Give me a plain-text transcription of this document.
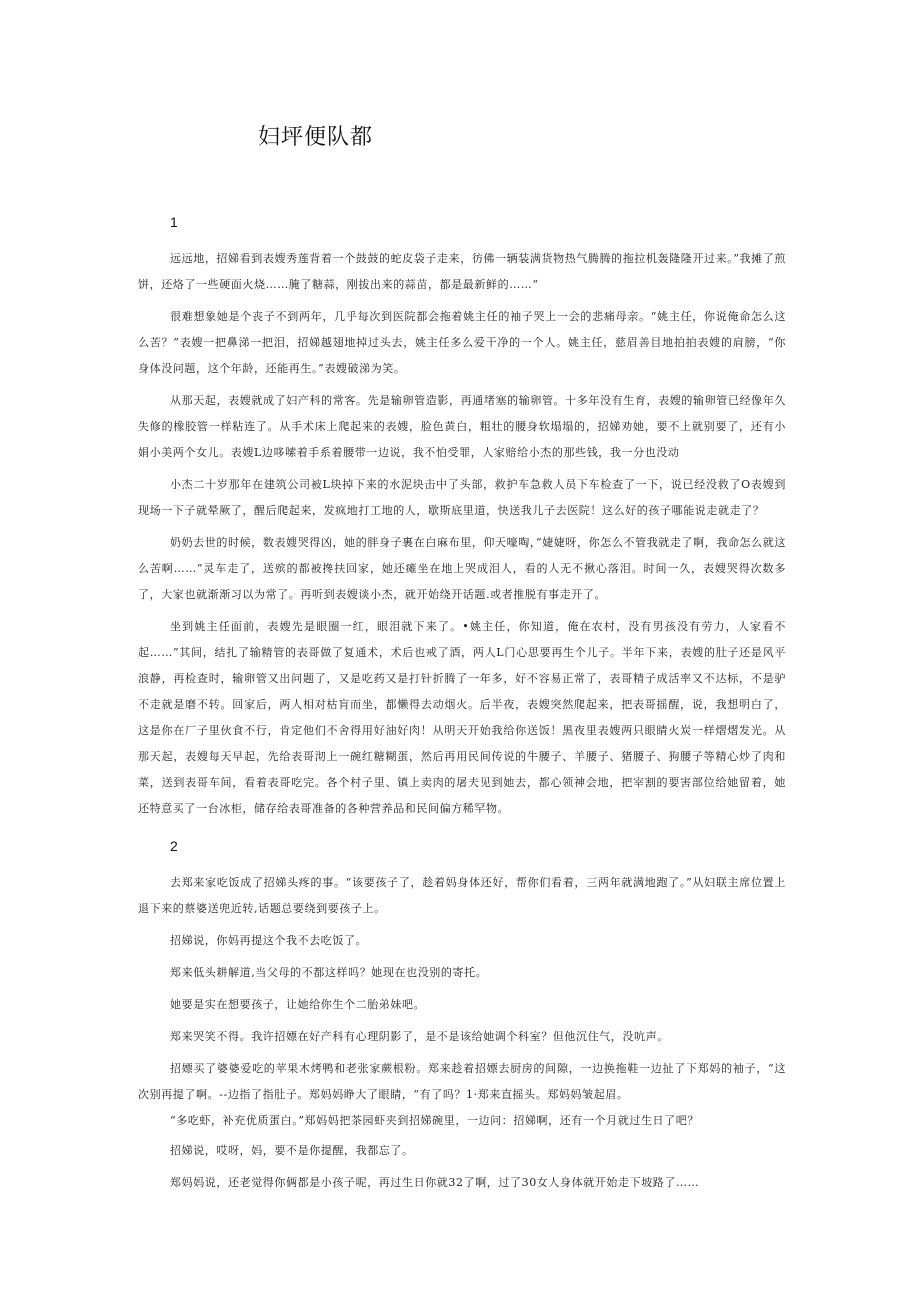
妇坪便队都
1

远远地，招娣看到表嫂秀莲背着一个鼓鼓的蛇皮袋子走来，彷佛一辆装满货物热气腾腾的拖拉机轰隆隆开过来。”我摊了煎饼，还烙了一些硬面火烧……腌了糖蒜，刚拔出来的蒜苗，都是最新鲜的……“

很难想象她是个丧子不到两年，几乎每次到医院都会拖着姚主任的袖子哭上一会的悲痛母亲。“姚主任，你说俺命怎么这么苦？”表嫂一把鼻涕一把泪，招娣越翅地掉过头去，姚主任多么爱干净的一个人。姚主任，慈眉善目地拍拍表嫂的肩膀，“你身体没问题，这个年龄，还能再生。”表嫂破涕为笑。

从那天起，表嫂就成了妇产科的常客。先是输卵管造影，再通堵塞的输卵管。十多年没有生育，表嫂的输卵管已经像年久失修的橡胶管一样粘连了。从手术床上爬起来的表嫂，脸色黄白，粗壮的腰身软塌塌的，招娣劝她，要不上就别要了，还有小娟小美两个女儿。表嫂L边哆嗦着手系着腰带一边说，我不怕受罪，人家赔给小杰的那些钱，我一分也没动

小杰二十岁那年在建筑公司被L块掉下来的水泥块击中了头部，救护车急救人员下车检查了一下，说已经没救了O表嫂到现场一下子就晕厥了，醒后爬起来，发疯地打工地的人，歇斯底里道，快送我儿子去医院！这么好的孩子哪能说走就走了？

奶奶去世的时候，数表嫂哭得凶，她的胖身子裹在白麻布里，仰天嚎啕，”婕婕呀，你怎么不管我就走了啊，我命怎么就这么苦啊……”灵车走了，送殡的都被搀扶回家，她还瘫坐在地上哭成泪人，看的人无不揪心落泪。时间一久，表嫂哭得次数多了，大家也就渐渐习以为常了。再听到表嫂谈小杰，就开始绕开话题.或者推脱有事走开了。

坐到姚主任面前，表嫂先是眼圈一红，眼泪就下来了。•姚主任，你知道，俺在农村，没有男孩没有劳力，人家看不起……”其间，结扎了输精管的表哥做了复通术，术后也戒了酒，两人L门心思要再生个儿子。半年下来，表嫂的肚子还是风平浪静，再检查时，输卵管又出问题了，又是吃药又是打针折腾了一年多，好不容易正常了，表哥精子成活率又不达标，不是驴不走就是磨不转。回家后，两人相对枯肓而坐，都懒得去动烟火。后半夜，表嫂突然爬起来，把表哥摇醒，说，我想明白了，这是你在厂子里伙食不行，肯定他们不舍得用好油好肉！从明天开始我给你送饭！黑夜里表嫂两只眼睛火炭一样熠熠发光。从那天起，表嫂每天早起，先给表哥沏上一碗红糖糊蛋，然后再用民间传说的牛腰子、羊腰子、猪腰子、狗腰子等精心炒了肉和菜，送到表哥车间，看着表哥吃完。各个村子里、镇上卖肉的屠夫见到她去，都心领神会地，把宰割的要害部位给她留着，她还特意买了一台冰柜，储存给表哥准备的各种营养品和民间偏方稀罕物。

2

去郑来家吃饭成了招娣头疼的事。“该要孩子了，趁着妈身体还好，帮你们看着，三两年就满地跑了。”从妇联主席位置上退下来的蔡婆送兜近转,话题总要绕到要孩子上。

招娣说，你妈再提这个我不去吃饭了。

郑来低头耕解道,当父母的不都这样吗？她现在也没别的寄托。

她要是实在想要孩子，让她给你生个二胎弟妹吧。

郑来哭笑不得。我许招嫖在好产科有心理阴影了，是不是该给她调个科室？但他沉住气，没吭声。

招嫖买了婆婆爱吃的苹果木烤鸭和老张家蕨根粉。郑来趁着招嫖去厨房的间隙，一边换拖鞋一边扯了下郑妈的袖子，“这次别再提了啊。--边指了指肚子。郑妈妈睁大了眼睛，“有了吗？1·郑来直摇头。郑妈妈皱起眉。

“多吃虾，补充优质蛋白。”郑妈妈把茶园虾夹到招娣碗里，一边问：招娣啊，还有一个月就过生日了吧？

招娣说，哎呀，妈，要不是你提醒，我都忘了。

郑妈妈说，还老觉得你俩都是小孩子呢，再过生日你就32了啊，过了30女人身体就开始走下坡路了……
